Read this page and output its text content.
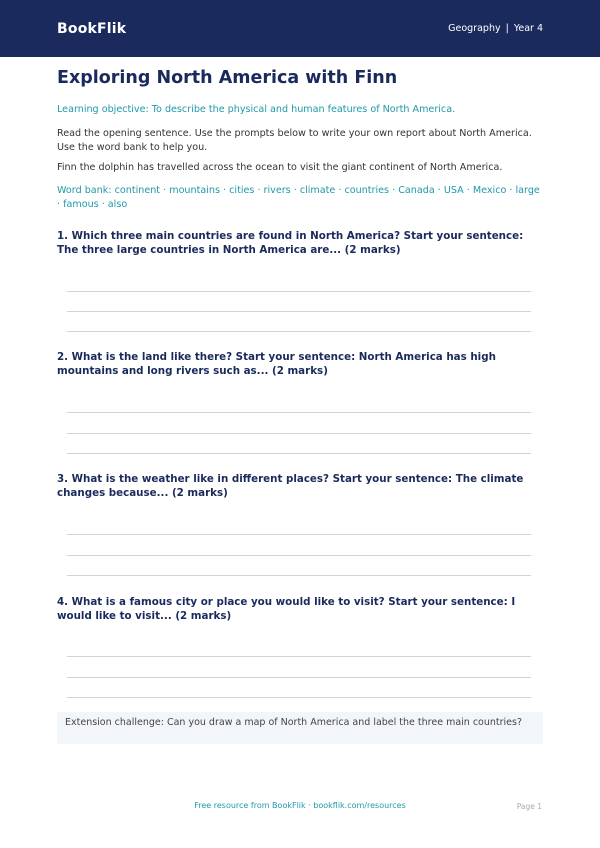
BookFlik	Geography | Year 4
Exploring North America with Finn

Learning objective: To describe the physical and human features of North America.

Read the opening sentence. Use the prompts below to write your own report about North America. Use the word bank to help you.

Finn the dolphin has travelled across the ocean to visit the giant continent of North America.

Word bank: continent · mountains · cities · rivers · climate · countries · Canada · USA · Mexico · large · famous · also

1. Which three main countries are found in North America? Start your sentence: The three large countries in North America are... (2 marks)
2. What is the land like there? Start your sentence: North America has high mountains and long rivers such as... (2 marks)
3. What is the weather like in different places? Start your sentence: The climate changes because... (2 marks)
4. What is a famous city or place you would like to visit? Start your sentence: I would like to visit... (2 marks)
Extension challenge: Can you draw a map of North America and label the three main countries?
Free resource from BookFlik · bookflik.com/resources	Page 1
